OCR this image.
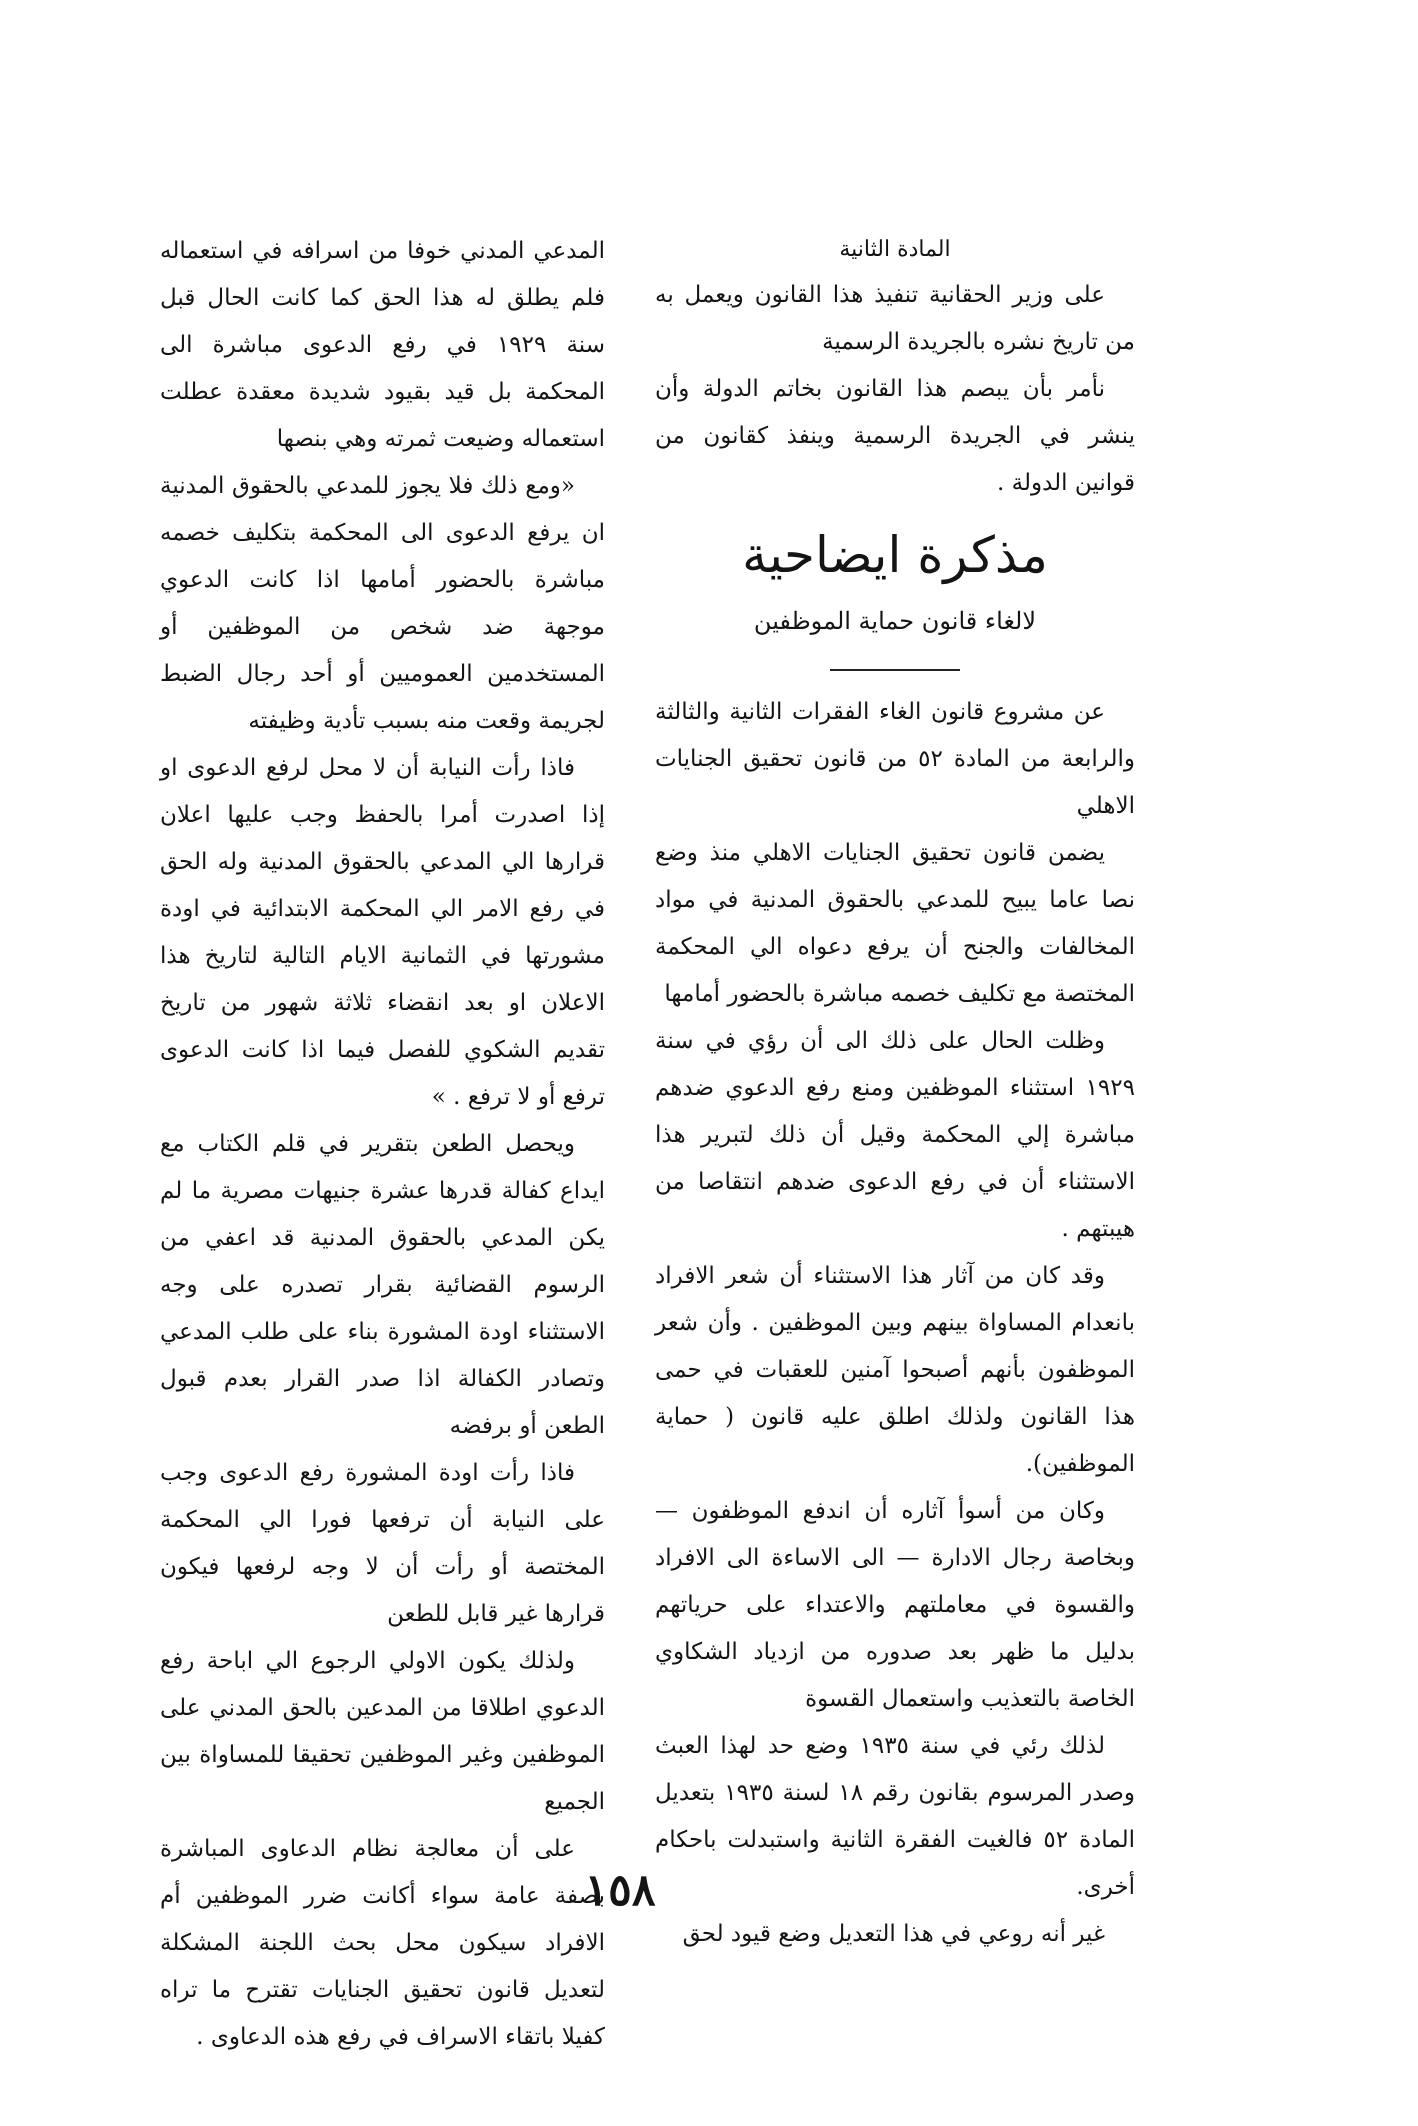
المادة الثانية

على وزير الحقانية تنفيذ هذا القانون ويعمل به من تاريخ نشره بالجريدة الرسمية

نأمر بأن يبصم هذا القانون بخاتم الدولة وأن ينشر في الجريدة الرسمية وينفذ كقانون من قوانين الدولة .

مذكرة ايضاحية

لالغاء قانون حماية الموظفين

عن مشروع قانون الغاء الفقرات الثانية والثالثة والرابعة من المادة ٥٢ من قانون تحقيق الجنايات الاهلي

يضمن قانون تحقيق الجنايات الاهلي منذ وضع نصا عاما يبيح للمدعي بالحقوق المدنية في مواد المخالفات والجنح أن يرفع دعواه الي المحكمة المختصة مع تكليف خصمه مباشرة بالحضور أمامها

وظلت الحال على ذلك الى أن رؤي في سنة ١٩٢٩ استثناء الموظفين ومنع رفع الدعوي ضدهم مباشرة إلي المحكمة وقيل أن ذلك لتبرير هذا الاستثناء أن في رفع الدعوى ضدهم انتقاصا من هيبتهم .

وقد كان من آثار هذا الاستثناء أن شعر الافراد بانعدام المساواة بينهم وبين الموظفين . وأن شعر الموظفون بأنهم أصبحوا آمنين للعقبات في حمى هذا القانون ولذلك اطلق عليه قانون ( حماية الموظفين).

وكان من أسوأ آثاره أن اندفع الموظفون — وبخاصة رجال الادارة — الى الاساءة الى الافراد والقسوة في معاملتهم والاعتداء على حرياتهم بدليل ما ظهر بعد صدوره من ازدياد الشكاوي الخاصة بالتعذيب واستعمال القسوة

لذلك رئي في سنة ١٩٣٥ وضع حد لهذا العبث وصدر المرسوم بقانون رقم ١٨ لسنة ١٩٣٥ بتعديل المادة ٥٢ فالغيت الفقرة الثانية واستبدلت باحكام أخرى.

غير أنه روعي في هذا التعديل وضع قيود لحق

المدعي المدني خوفا من اسرافه في استعماله فلم يطلق له هذا الحق كما كانت الحال قبل سنة ١٩٢٩ في رفع الدعوى مباشرة الى المحكمة بل قيد بقيود شديدة معقدة عطلت استعماله وضيعت ثمرته وهي بنصها

«ومع ذلك فلا يجوز للمدعي بالحقوق المدنية ان يرفع الدعوى الى المحكمة بتكليف خصمه مباشرة بالحضور أمامها اذا كانت الدعوي موجهة ضد شخص من الموظفين أو المستخدمين العموميين أو أحد رجال الضبط لجريمة وقعت منه بسبب تأدية وظيفته

فاذا رأت النيابة أن لا محل لرفع الدعوى او إذا اصدرت أمرا بالحفظ وجب عليها اعلان قرارها الي المدعي بالحقوق المدنية وله الحق في رفع الامر الي المحكمة الابتدائية في اودة مشورتها في الثمانية الايام التالية لتاريخ هذا الاعلان او بعد انقضاء ثلاثة شهور من تاريخ تقديم الشكوي للفصل فيما اذا كانت الدعوى ترفع أو لا ترفع . »

ويحصل الطعن بتقرير في قلم الكتاب مع ايداع كفالة قدرها عشرة جنيهات مصرية ما لم يكن المدعي بالحقوق المدنية قد اعفي من الرسوم القضائية بقرار تصدره على وجه الاستثناء اودة المشورة بناء على طلب المدعي وتصادر الكفالة اذا صدر القرار بعدم قبول الطعن أو برفضه

فاذا رأت اودة المشورة رفع الدعوى وجب على النيابة أن ترفعها فورا الي المحكمة المختصة أو رأت أن لا وجه لرفعها فيكون قرارها غير قابل للطعن

ولذلك يكون الاولي الرجوع الي اباحة رفع الدعوي اطلاقا من المدعين بالحق المدني على الموظفين وغير الموظفين تحقيقا للمساواة بين الجميع

على أن معالجة نظام الدعاوى المباشرة بصفة عامة سواء أكانت ضرر الموظفين أم الافراد سيكون محل بحث اللجنة المشكلة لتعديل قانون تحقيق الجنايات تقترح ما تراه كفيلا باتقاء الاسراف في رفع هذه الدعاوى .

١٥٨
